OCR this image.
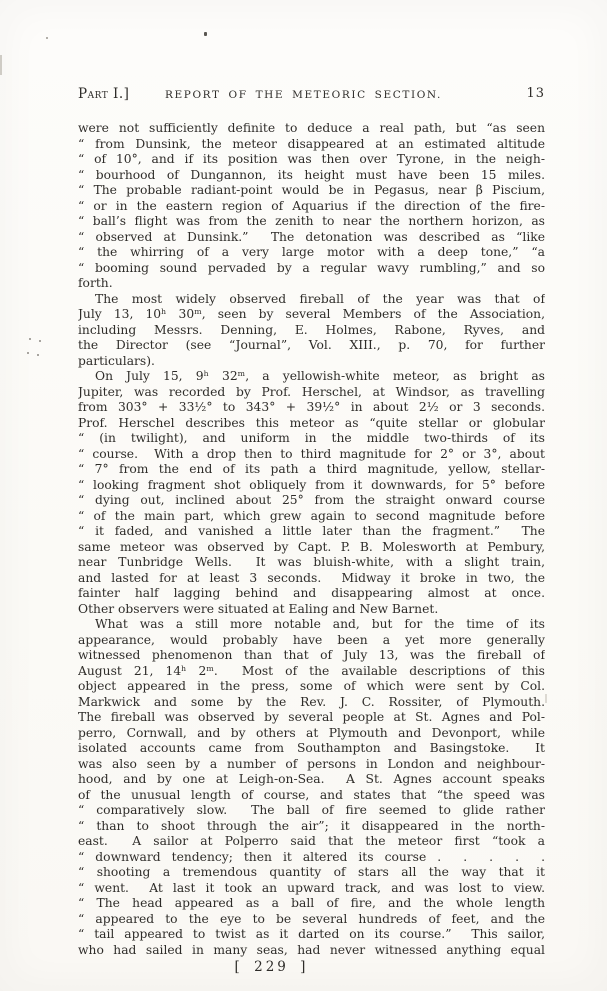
Part I.]	REPORT OF THE METEORIC SECTION.	13
were not sufficiently definite to deduce a real path, but “as seen
“ from Dunsink, the meteor disappeared at an estimated altitude
“ of 10°, and if its position was then over Tyrone, in the neigh-
“ bourhood of Dungannon, its height must have been 15 miles.
“ The probable radiant-point would be in Pegasus, near β Piscium,
“ or in the eastern region of Aquarius if the direction of the fire-
“ ball’s flight was from the zenith to near the northern horizon, as
“ observed at Dunsink.”  The detonation was described as “like
“ the whirring of a very large motor with a deep tone,” “a
“ booming sound pervaded by a regular wavy rumbling,” and so
forth.
The most widely observed fireball of the year was that of
July 13, 10ʰ 30ᵐ, seen by several Members of the Association,
including Messrs. Denning, E. Holmes, Rabone, Ryves, and
the Director (see “Journal”, Vol. XIII., p. 70, for further
particulars).
On July 15, 9ʰ 32ᵐ, a yellowish-white meteor, as bright as
Jupiter, was recorded by Prof. Herschel, at Windsor, as travelling
from 303° + 33½° to 343° + 39½° in about 2½ or 3 seconds.
Prof. Herschel describes this meteor as “quite stellar or globular
“ (in twilight), and uniform in the middle two-thirds of its
“ course.  With a drop then to third magnitude for 2° or 3°, about
“ 7° from the end of its path a third magnitude, yellow, stellar-
“ looking fragment shot obliquely from it downwards, for 5° before
“ dying out, inclined about 25° from the straight onward course
“ of the main part, which grew again to second magnitude before
“ it faded, and vanished a little later than the fragment.”  The
same meteor was observed by Capt. P. B. Molesworth at Pembury,
near Tunbridge Wells.  It was bluish-white, with a slight train,
and lasted for at least 3 seconds.  Midway it broke in two, the
fainter half lagging behind and disappearing almost at once.
Other observers were situated at Ealing and New Barnet.
What was a still more notable and, but for the time of its
appearance, would probably have been a yet more generally
witnessed phenomenon than that of July 13, was the fireball of
August 21, 14ʰ 2ᵐ.  Most of the available descriptions of this
object appeared in the press, some of which were sent by Col.
Markwick and some by the Rev. J. C. Rossiter, of Plymouth.
The fireball was observed by several people at St. Agnes and Pol-
perro, Cornwall, and by others at Plymouth and Devonport, while
isolated accounts came from Southampton and Basingstoke.  It
was also seen by a number of persons in London and neighbour-
hood, and by one at Leigh-on-Sea.  A St. Agnes account speaks
of the unusual length of course, and states that “the speed was
“ comparatively slow.  The ball of fire seemed to glide rather
“ than to shoot through the air”; it disappeared in the north-
east.  A sailor at Polperro said that the meteor first “took a
“ downward tendency; then it altered its course .  .  .  .  .
“ shooting a tremendous quantity of stars all the way that it
“ went.  At last it took an upward track, and was lost to view.
“ The head appeared as a ball of fire, and the whole length
“ appeared to the eye to be several hundreds of feet, and the
“ tail appeared to twist as it darted on its course.”  This sailor,
who had sailed in many seas, had never witnessed anything equal
[ 229 ]
